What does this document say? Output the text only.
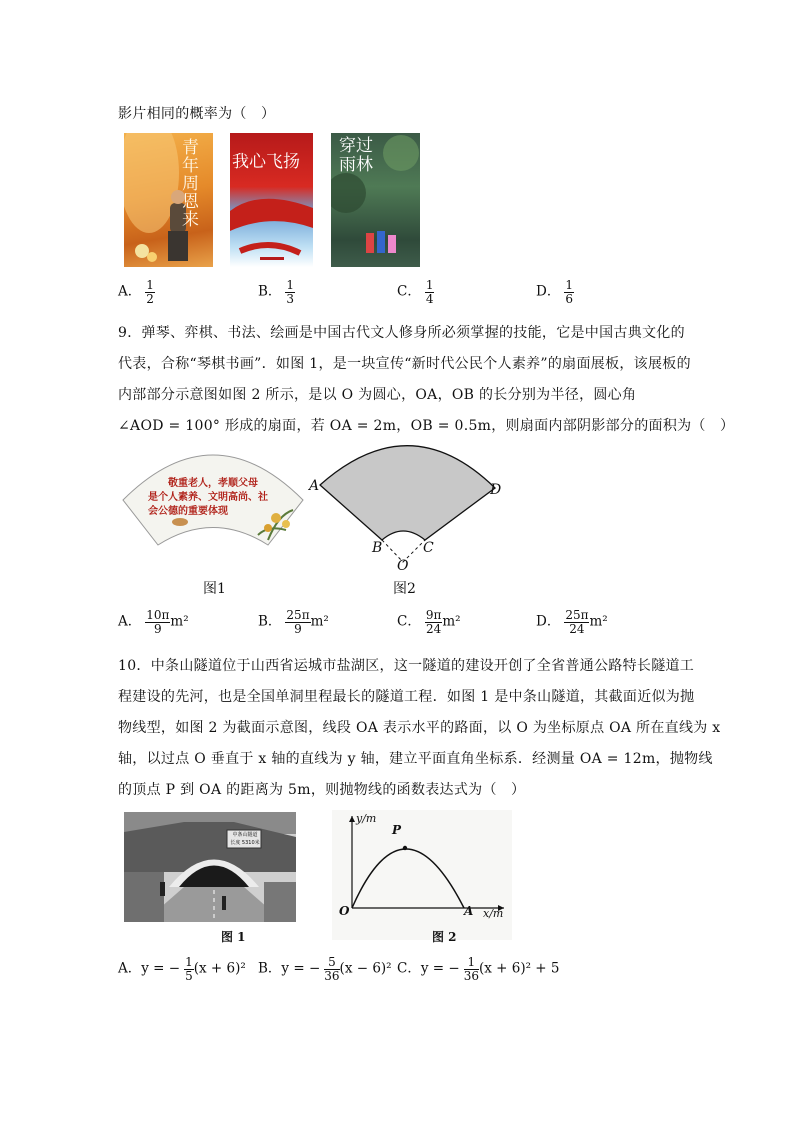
影片相同的概率为（　）
青年周恩来
我心飞扬
穿过雨林
A． $\frac{1}{2}$	B． $\frac{1}{3}$	C． $\frac{1}{4}$	D． $\frac{1}{6}$
9．弹琴、弈棋、书法、绘画是中国古代文人修身所必须掌握的技能，它是中国古典文化的
代表，合称“琴棋书画”．如图 1，是一块宣传“新时代公民个人素养”的扇面展板，该展板的
内部部分示意图如图 2 所示，是以 O 为圆心，OA，OB 的长分别为半径，圆心角
∠AOD = 100° 形成的扇面，若 OA = 2m，OB = 0.5m，则扇面内部阴影部分的面积为（　）
敬重老人，孝顺父母
是个人素养、文明高尚、社
会公德的重要体现
A	D
B	C
O
图1	图2
A． $\frac{10\pi}{9} m^2$	B． $\frac{25\pi}{9} m^2$	C． $\frac{9\pi}{24} m^2$	D． $\frac{25\pi}{24} m^2$
10．中条山隧道位于山西省运城市盐湖区，这一隧道的建设开创了全省普通公路特长隧道工
程建设的先河，也是全国单洞里程最长的隧道工程．如图 1 是中条山隧道，其截面近似为抛
物线型，如图 2 为截面示意图，线段 OA 表示水平的路面，以 O 为坐标原点 OA 所在直线为 x
轴，以过点 O 垂直于 x 轴的直线为 y 轴，建立平面直角坐标系．经测量 OA = 12m，抛物线
的顶点 P 到 OA 的距离为 5m，则抛物线的函数表达式为（　）
中条山隧道
长度 5310米
图 1
y/m
x/m
O	A
P
图 2
A．y = − $\frac{1}{5} (x + 6)^2$ B．y = − $\frac{5}{36} (x - 6)^2$ C．y = − $\frac{1}{36} (x + 6)^2 + 5$
